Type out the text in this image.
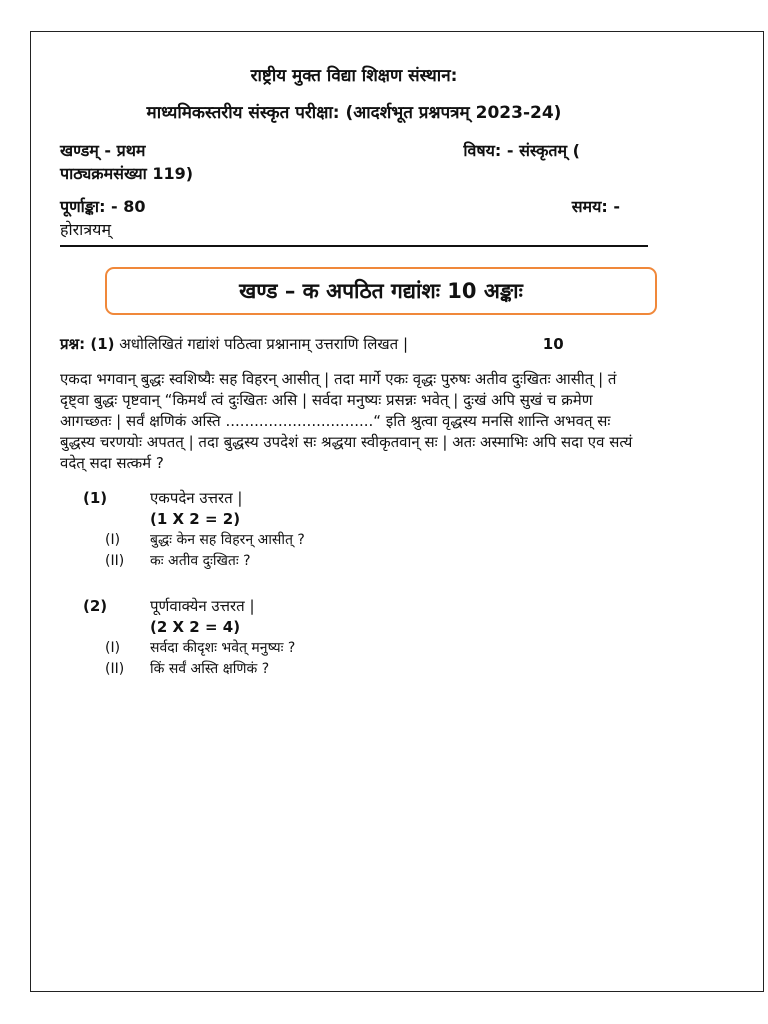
राष्ट्रीय मुक्त विद्या शिक्षण संस्थान:
माध्यमिकस्तरीय संस्कृत परीक्षा: (आदर्शभूत प्रश्नपत्रम् 2023-24)
खण्डम् - प्रथम	विषय: - संस्कृतम् (
पाठ्यक्रमसंख्या 119)
पूर्णाङ्का: - 80	समय: -
होरात्रयम्
खण्ड – क अपठित गद्यांशः 10 अङ्काः
प्रश्न: (1) अधोलिखितं गद्यांशं पठित्वा प्रश्नानाम् उत्तराणि लिखत |	10
एकदा भगवान् बुद्धः स्वशिष्यैः सह विहरन् आसीत् | तदा मार्गे एकः वृद्धः पुरुषः अतीव दुःखितः आसीत् | तं दृष्ट्वा बुद्धः पृष्टवान् “किमर्थं त्वं दुःखितः असि | सर्वदा मनुष्यः प्रसन्नः भवेत् | दुःखं अपि सुखं च क्रमेण आगच्छतः | सर्वं क्षणिकं अस्ति ...............................“ इति श्रुत्वा वृद्धस्य मनसि शान्ति अभवत् सः बुद्धस्य चरणयोः अपतत् | तदा बुद्धस्य उपदेशं सः श्रद्धया स्वीकृतवान् सः | अतः अस्माभिः अपि सदा एव सत्यं वदेत् सदा सत्कर्म ?
(1)	एकपदेन उत्तरत |
(1 X 2 = 2)
(I)	बुद्धः केन सह विहरन् आसीत् ?
(II)	कः अतीव दुःखितः ?
(2)	पूर्णवाक्येन उत्तरत |
(2 X 2 = 4)
(I)	सर्वदा कीदृशः भवेत् मनुष्यः ?
(II)	किं सर्वं अस्ति क्षणिकं ?
